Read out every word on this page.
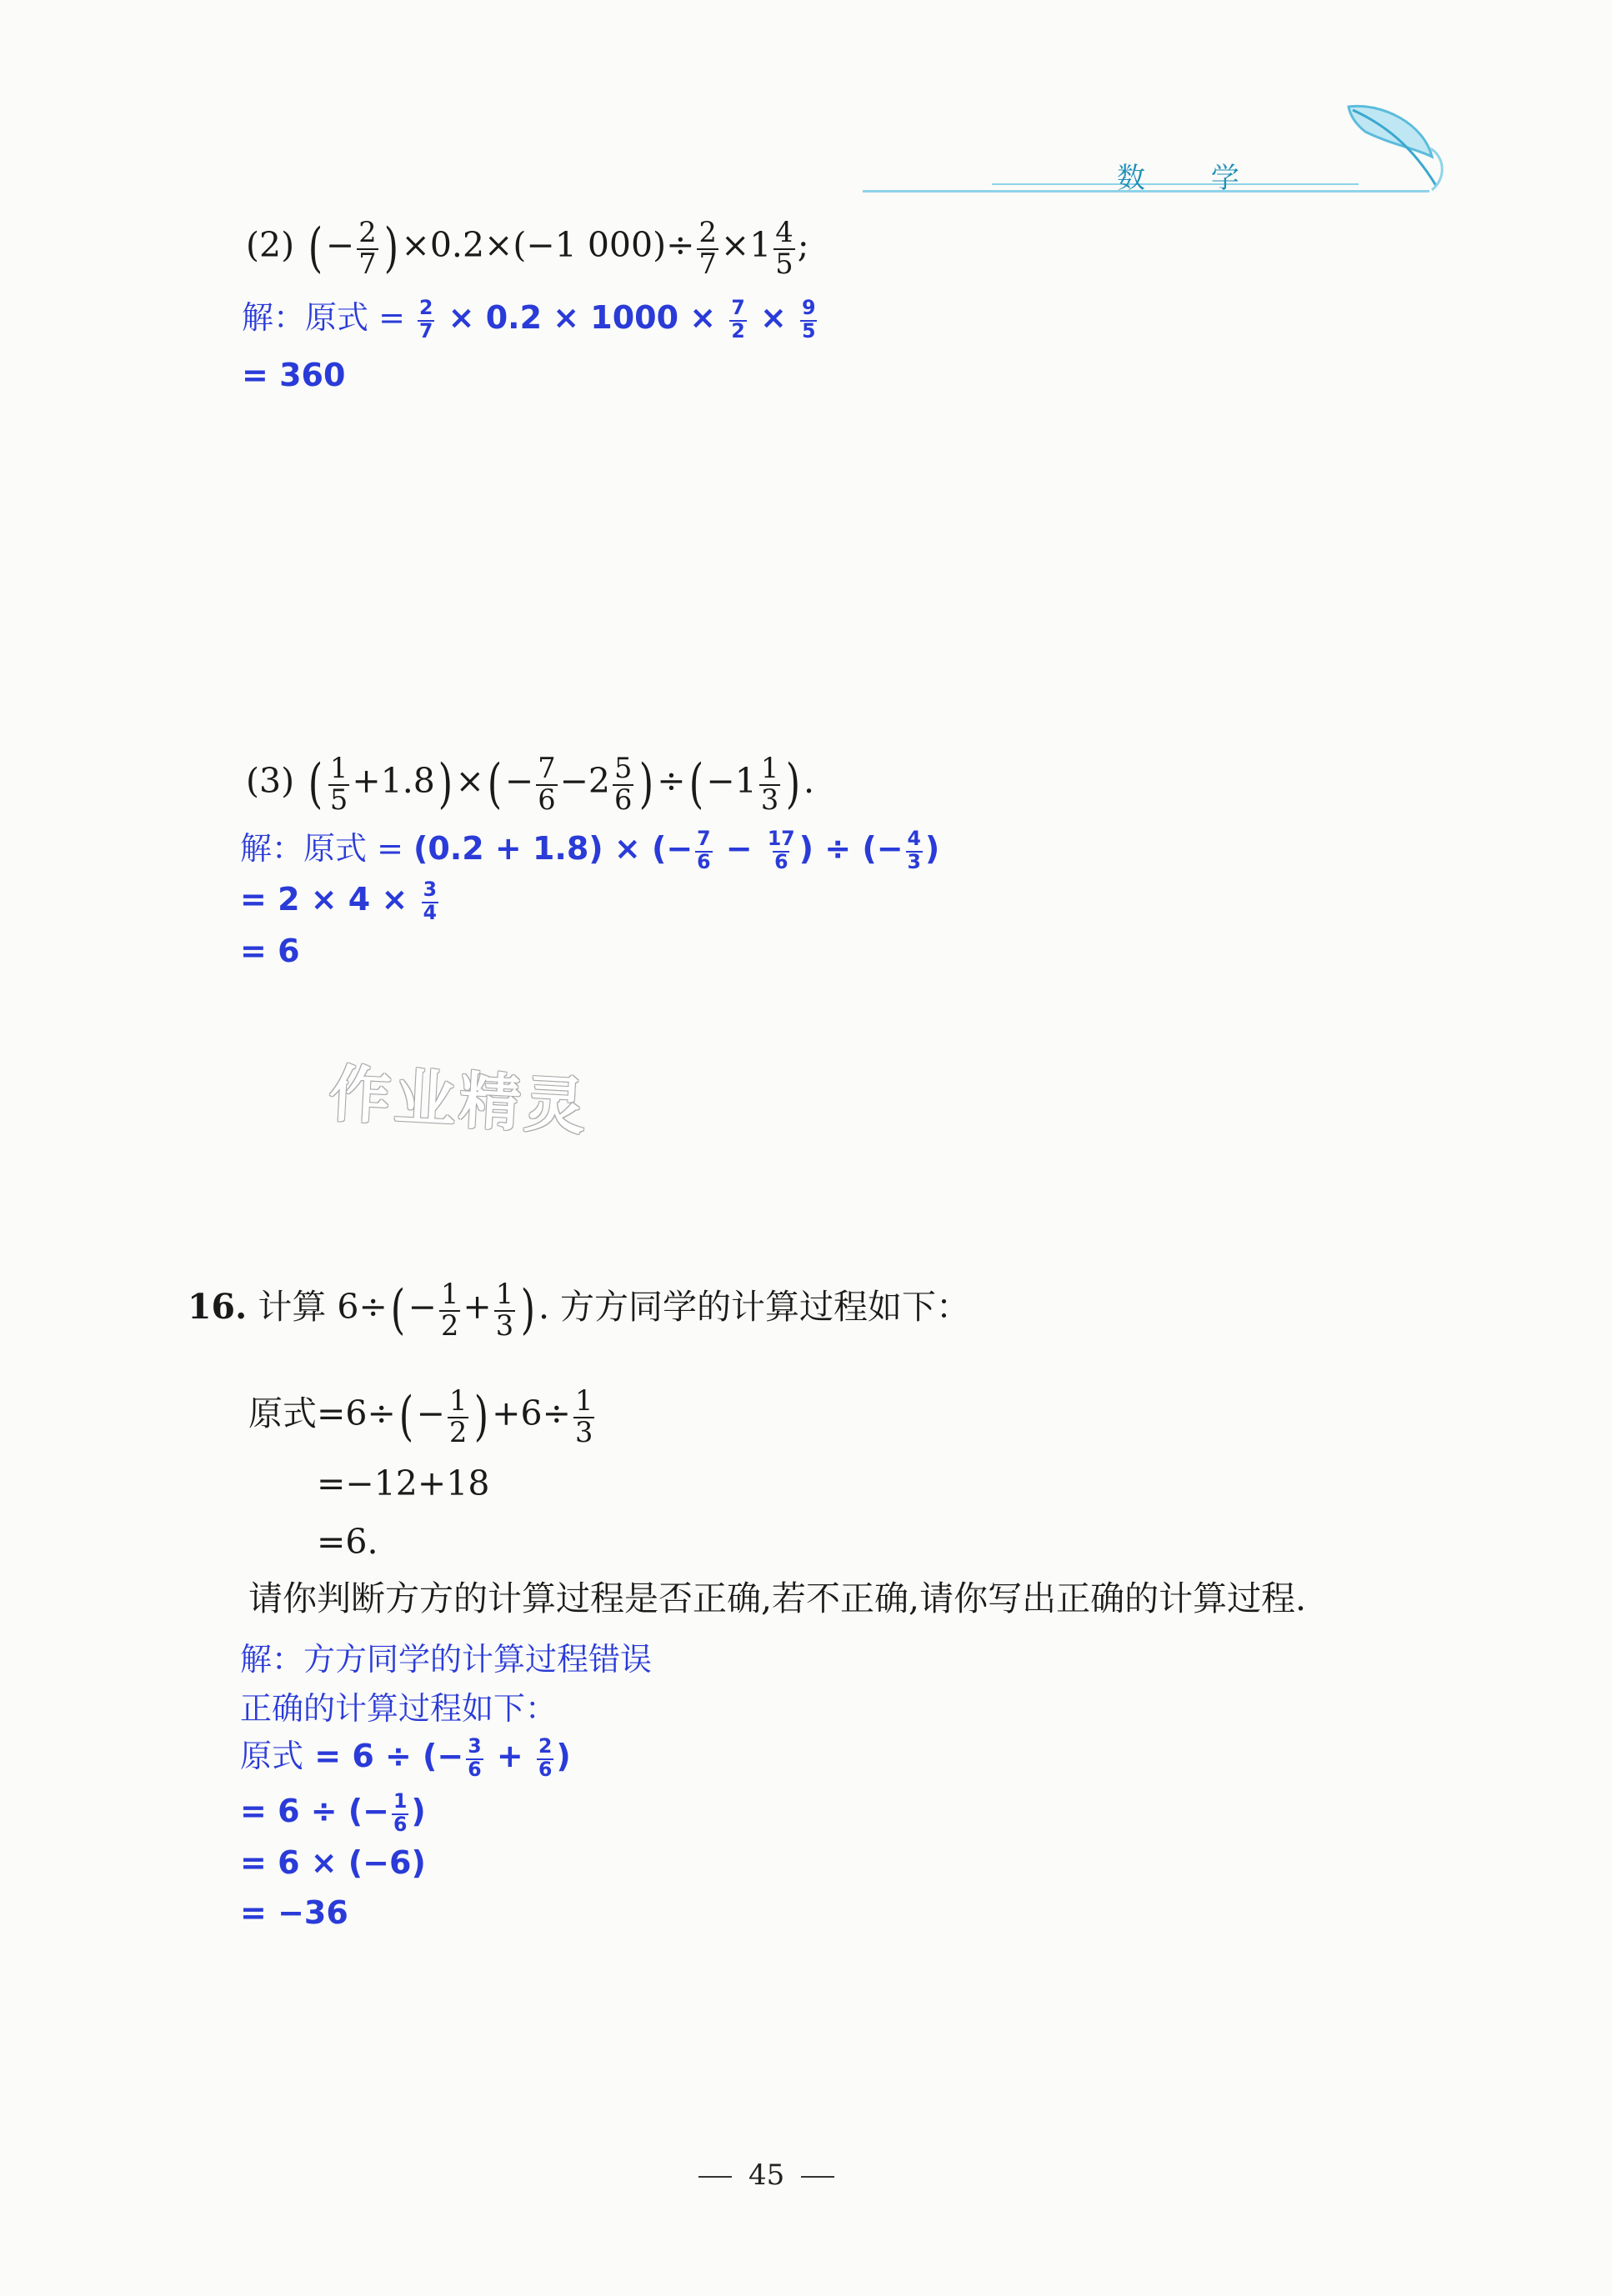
数 学
(2) (− $\frac{2}{7} )\times 0.2\times(-1$ $000)\div \frac{2}{7} \times 1 \frac{4}{5}$ ;
解：原式 = $\frac{2}{7} \times 0.2 \times 1000 \times \frac{7}{2} \times \frac{9}{5}$
= 360
(3) ( $\frac{1}{5} +1.8)\times(- \frac{7}{6} -2 \frac{5}{6} )\div(-1 \frac{1}{3}$ ).
解：原式 = (0.2 + 1.8) × (− $\frac{7}{6} - \frac{17}{6}$ ) ÷ (− $\frac{4}{3}$ )
= $2 \times 4 \times \frac{3}{4}$
= 6
作业精灵
16. 计算 $6\div(- \frac{1}{2} + \frac{1}{3}$ ). 方方同学的计算过程如下：
原式$=6\div(- \frac{1}{2} )+6\div \frac{1}{3}$
=−12+18
=6.
请你判断方方的计算过程是否正确,若不正确,请你写出正确的计算过程.
解：方方同学的计算过程错误
正确的计算过程如下：
原式 = 6 ÷ (− $\frac{3}{6} + \frac{2}{6}$ )
= 6 ÷ (− $\frac{1}{6}$ )
= 6 × (−6)
= −36
45
